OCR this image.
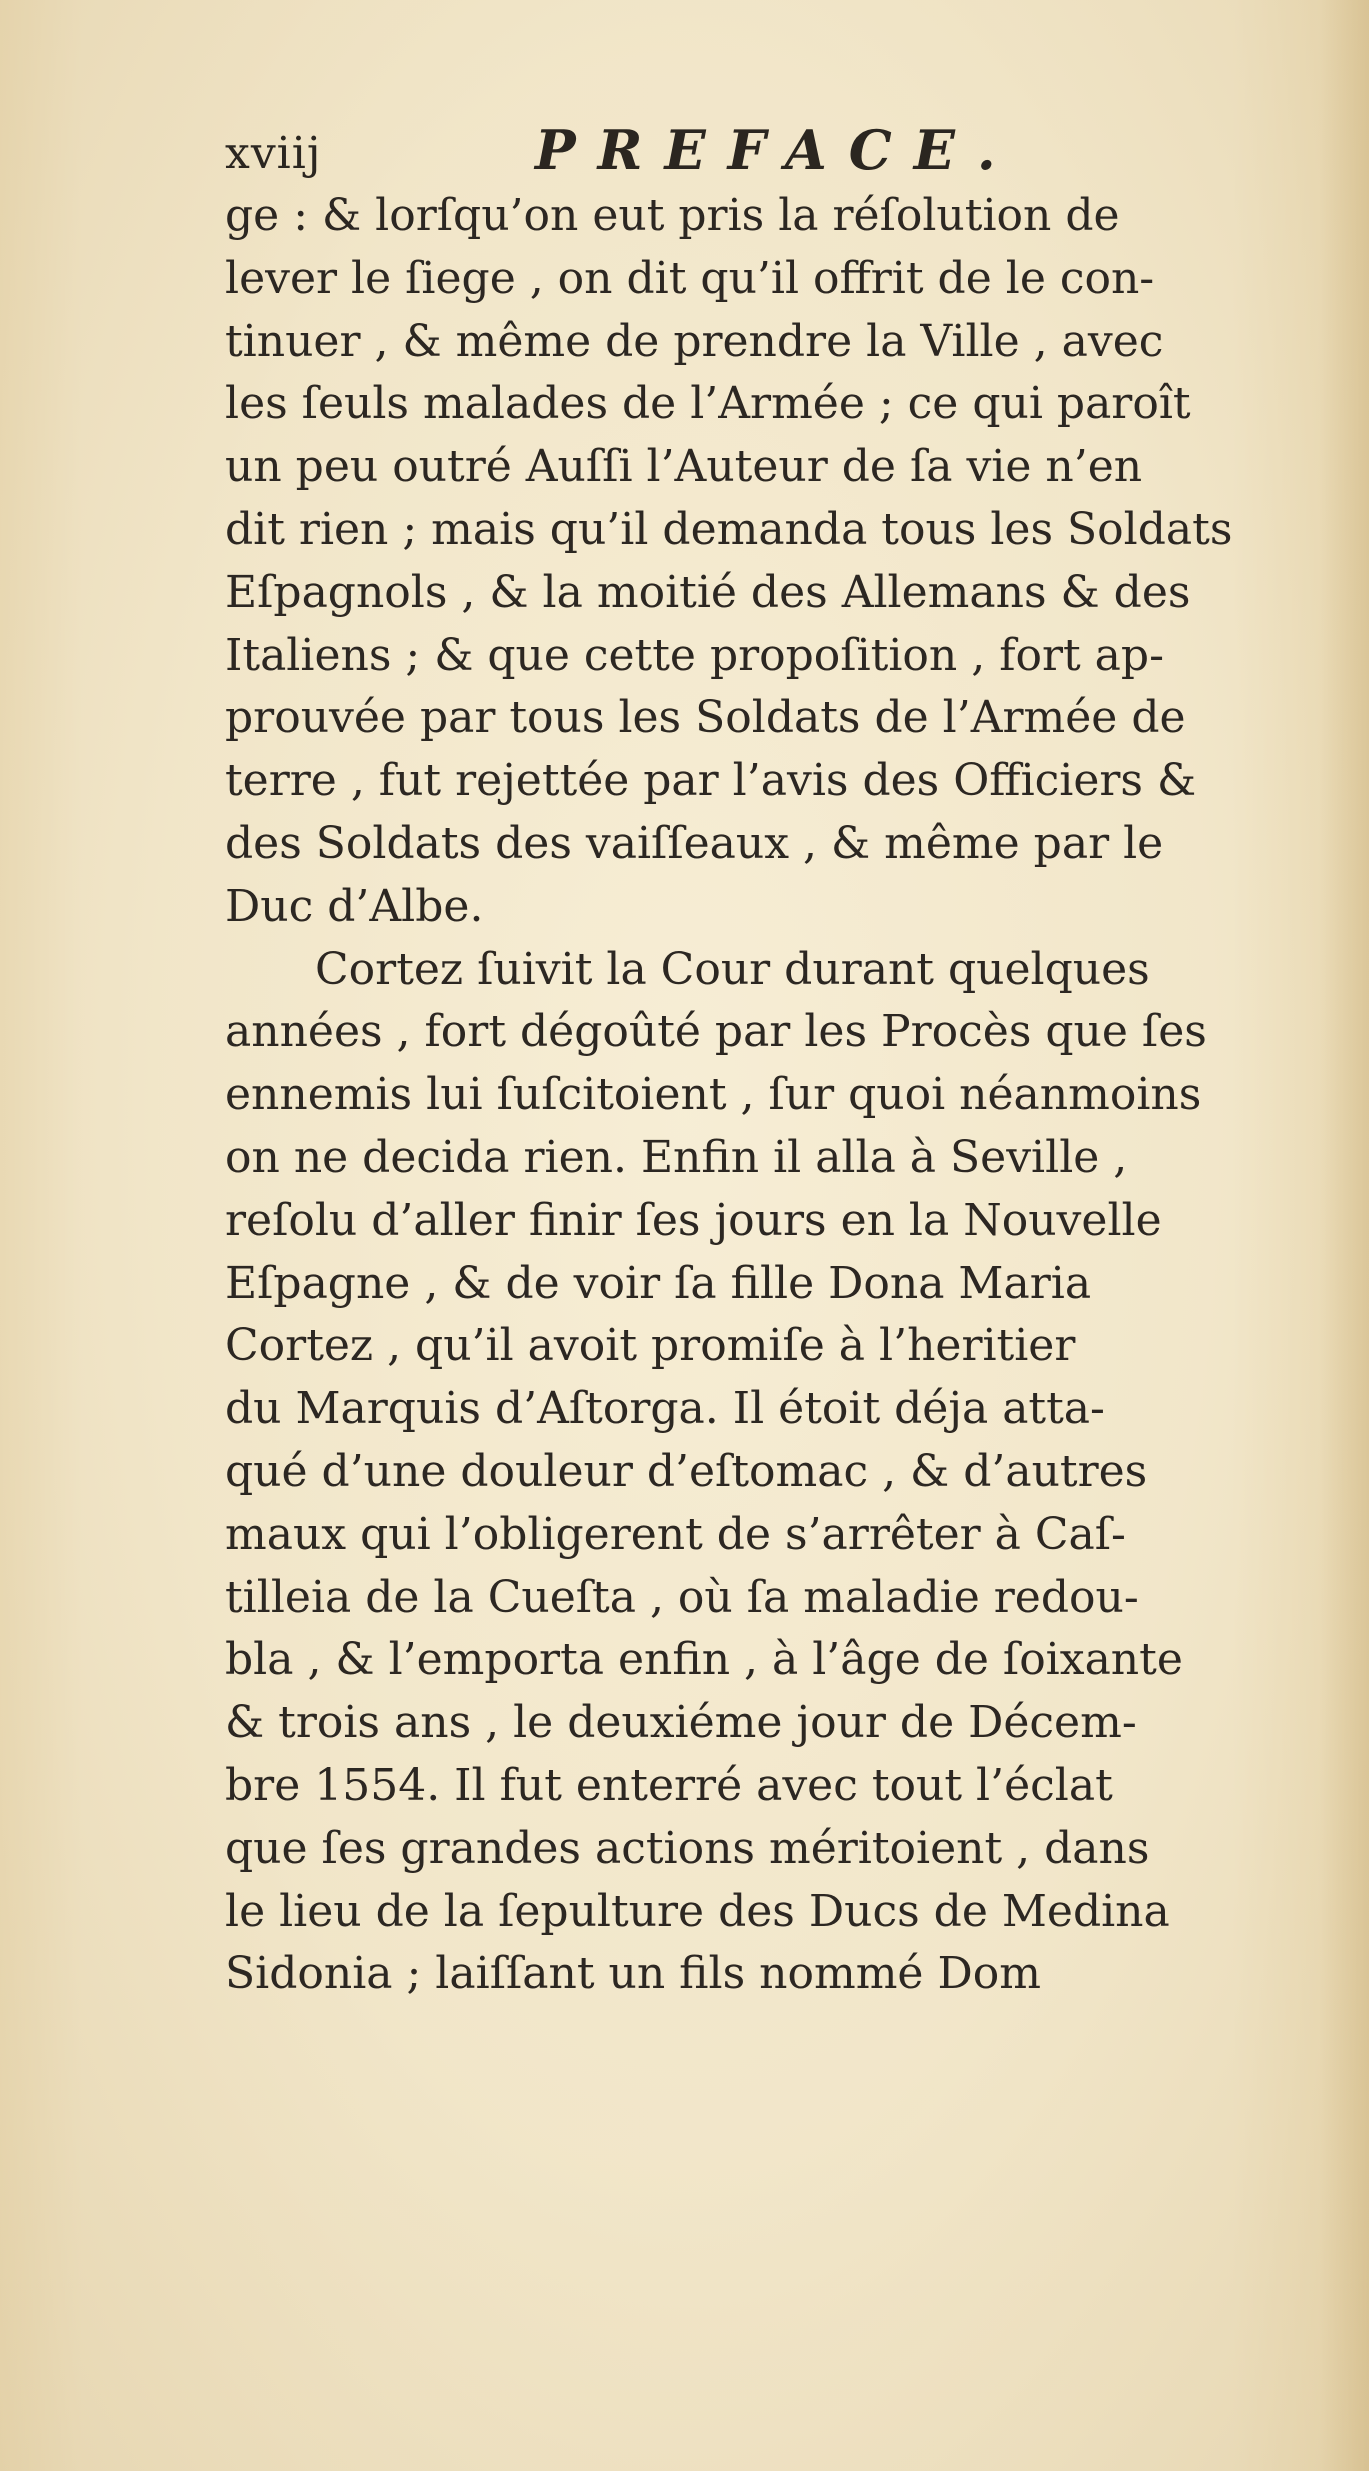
xviij	PREFACE.
ge : & lorſqu’on eut pris la réſolution de
lever le ſiege , on dit qu’il offrit de le con-
tinuer , & même de prendre la Ville , avec
les ſeuls malades de l’Armée ; ce qui paroît
un peu outré Auſſi l’Auteur de ſa vie n’en
dit rien ; mais qu’il demanda tous les Soldats
Eſpagnols , & la moitié des Allemans & des
Italiens ; & que cette propoſition , fort ap-
prouvée par tous les Soldats de l’Armée de
terre , fut rejettée par l’avis des Officiers &
des Soldats des vaiſſeaux , & même par le
Duc d’Albe.
Cortez ſuivit la Cour durant quelques
années , fort dégoûté par les Procès que ſes
ennemis lui ſuſcitoient , ſur quoi néanmoins
on ne decida rien. Enfin il alla à Seville ,
reſolu d’aller finir ſes jours en la Nouvelle
Eſpagne , & de voir ſa fille Dona Maria
Cortez , qu’il avoit promiſe à l’heritier
du Marquis d’Aſtorga. Il étoit déja atta-
qué d’une douleur d’eſtomac , & d’autres
maux qui l’obligerent de s’arrêter à Caſ-
tilleia de la Cueſta , où ſa maladie redou-
bla , & l’emporta enfin , à l’âge de ſoixante
& trois ans , le deuxiéme jour de Décem-
bre 1554. Il fut enterré avec tout l’éclat
que ſes grandes actions méritoient , dans
le lieu de la ſepulture des Ducs de Medina
Sidonia ; laiſſant un fils nommé Dom
